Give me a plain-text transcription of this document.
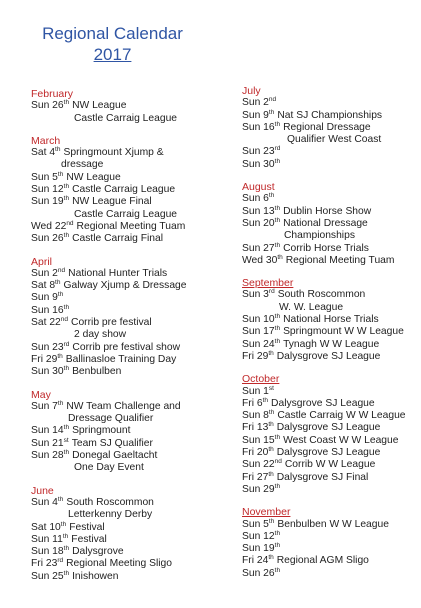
Regional Calendar
2017
February
Sun 26th NW League
Castle Carraig League
March
Sat 4th Springmount Xjump &
dressage
Sun 5th NW League
Sun 12th Castle Carraig League
Sun 19th NW League Final
Castle Carraig League
Wed 22nd Regional Meeting Tuam
Sun 26th Castle Carraig Final
April
Sun 2nd National Hunter Trials
Sat 8th Galway Xjump & Dressage
Sun 9th
Sun 16th
Sat 22nd Corrib pre festival
2 day show
Sun 23rd Corrib pre festival show
Fri 29th Ballinasloe Training Day
Sun 30th Benbulben
May
Sun 7th NW Team Challenge and
Dressage Qualifier
Sun 14th Springmount
Sun 21st Team SJ Qualifier
Sun 28th Donegal Gaeltacht
One Day Event
June
Sun 4th South Roscommon
Letterkenny Derby
Sat 10th Festival
Sun 11th Festival
Sun 18th Dalysgrove
Fri 23rd Regional Meeting Sligo
Sun 25th Inishowen
July
Sun 2nd
Sun 9th Nat SJ Championships
Sun 16th Regional Dressage
Qualifier West Coast
Sun 23rd
Sun 30th
August
Sun 6th
Sun 13th Dublin Horse Show
Sun 20th National Dressage
Championships
Sun 27th Corrib Horse Trials
Wed 30th Regional Meeting Tuam
September
Sun 3rd South Roscommon
W. W. League
Sun 10th National Horse Trials
Sun 17th Springmount W W League
Sun 24th Tynagh W W League
Fri 29th Dalysgrove SJ League
October
Sun 1st
Fri 6th Dalysgrove SJ League
Sun 8th Castle Carraig W W League
Fri 13th Dalysgrove SJ League
Sun 15th West Coast W W League
Fri 20th Dalysgrove SJ League
Sun 22nd Corrib W W League
Fri 27th Dalysgrove SJ Final
Sun 29th
November
Sun 5th Benbulben W W League
Sun 12th
Sun 19th
Fri 24th Regional AGM Sligo
Sun 26th
